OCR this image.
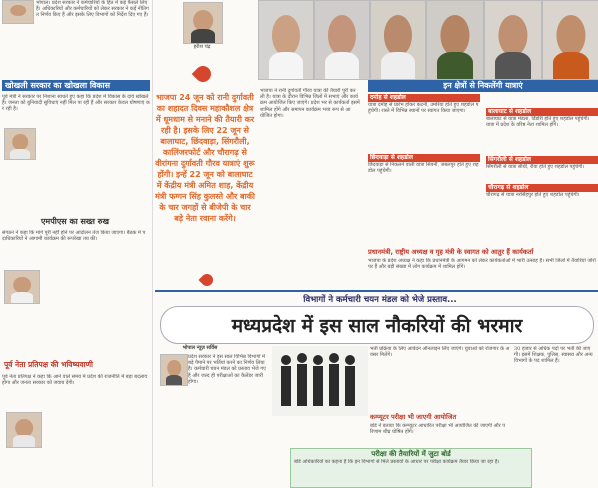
भोपाल। प्रदेश सरकार ने कर्मचारियों के हित में कई फैसले लिए हैं। अधिकारियों और कर्मचारियों को लेकर सरकार ने कई नीतिगत निर्णय किए हैं और इसके लिए विभागों को निर्देश दिए गए हैं।
खोखली सरकार का खोखला विकास
पूर्व मंत्री ने सरकार पर निशाना साधते हुए कहा कि प्रदेश में विकास के दावे खोखले हैं। जनता को बुनियादी सुविधाएं नहीं मिल पा रही हैं और सरकार केवल घोषणाएं कर रही है।
एमपीएस का सख्त रुख
संगठन ने कहा कि मांगें पूरी नहीं होने पर आंदोलन तेज किया जाएगा। बैठक में पदाधिकारियों ने आगामी कार्यक्रम की रूपरेखा तय की।
पूर्व नेता प्रतिपक्ष की भविष्यवाणी
पूर्व नेता प्रतिपक्ष ने कहा कि आने वाले समय में प्रदेश की राजनीति में बड़ा बदलाव होगा और जनता सरकार को जवाब देगी।
हरीश चंद्र
भाजपा 24 जून को रानी दुर्गावती का शहादत दिवस महाकौशल क्षेत्र में धूमधाम से मनाने की तैयारी कर रही है। इसके लिए 22 जून से बालाघाट, छिंदवाड़ा, सिंगरौली, कालिंजरफोर्ट और चौरागढ़ से वीरांगना दुर्गावती गौरव यात्राएं शुरू होंगी। इन्हें 22 जून को बालाघाट में केंद्रीय मंत्री अमित शाह, केंद्रीय मंत्री फग्गन सिंह कुलस्ते और बाकी के चार जगहों से बीजेपी के चार बड़े नेता रवाना करेंगे।
भाजपा ने रानी दुर्गावती गौरव यात्रा की तैयारी पूरी कर ली है। यात्रा के दौरान विभिन्न जिलों में सभाएं और कार्यक्रम आयोजित किए जाएंगे। प्रदेश भर से कार्यकर्ता इसमें शामिल होंगे और समापन कार्यक्रम भव्य रूप से आयोजित होगा।
इन क्षेत्रों से निकलेंगी यात्राएं
दमोह से शहडोल
यात्रा दमोह से प्रारंभ होकर कटनी, उमरिया होते हुए शहडोल पहुंचेगी। रास्ते में विभिन्न स्थानों पर स्वागत किया जाएगा।
छिंदवाड़ा से शहडोल
छिंदवाड़ा से निकलने वाली यात्रा सिवनी, जबलपुर होते हुए शहडोल पहुंचेगी।
बालाघाट से शहडोल
बालाघाट से यात्रा मंडला, डिंडोरी होते हुए शहडोल पहुंचेगी। यात्रा में प्रदेश के वरिष्ठ नेता शामिल होंगे।
सिंगरौली से शहडोल
सिंगरौली से यात्रा सीधी, रीवा होते हुए शहडोल पहुंचेगी।
चौरागढ़ से शहडोल
चौरागढ़ से यात्रा नरसिंहपुर होते हुए शहडोल पहुंचेगी।
प्रधानमंत्री, राष्ट्रीय अध्यक्ष व गृह मंत्री के स्वागत को आतुर हैं कार्यकर्ता
भाजपा के प्रदेश अध्यक्ष ने कहा कि प्रधानमंत्री के आगमन को लेकर कार्यकर्ताओं में भारी उत्साह है। सभी जिलों में तैयारियां जोरों पर हैं और बड़ी संख्या में लोग कार्यक्रम में शामिल होंगे।
विभागों ने कर्मचारी चयन मंडल को भेजे प्रस्ताव...
मध्यप्रदेश में इस साल नौकरियों की भरमार
भोपाल न्यूज़ सर्विस
प्रदेश सरकार ने इस साल विभिन्न विभागों में बड़े पैमाने पर भर्तियां करने का निर्णय लिया है। कर्मचारी चयन मंडल को प्रस्ताव भेजे गए हैं और जल्द ही परीक्षाओं का कैलेंडर जारी होगा।
भर्ती प्रक्रिया के लिए आवेदन ऑनलाइन लिए जाएंगे। युवाओं को रोजगार के अवसर मिलेंगे।
कम्प्यूटर परीक्षा भी जाएगी आयोजित
बोर्ड ने बताया कि कम्प्यूटर आधारित परीक्षा भी आयोजित की जाएगी और परिणाम शीघ्र घोषित होंगे।
परीक्षा की तैयारियों में जुटा बोर्ड
बोर्ड अधिकारियों का कहना है कि इन विभागों से मिले प्रस्तावों के आधार पर परीक्षा कार्यक्रम तैयार किया जा रहा है।
30 हजार से अधिक पदों पर भर्ती की जाएगी। इसमें शिक्षक, पुलिस, स्वास्थ्य और अन्य विभागों के पद शामिल हैं।
